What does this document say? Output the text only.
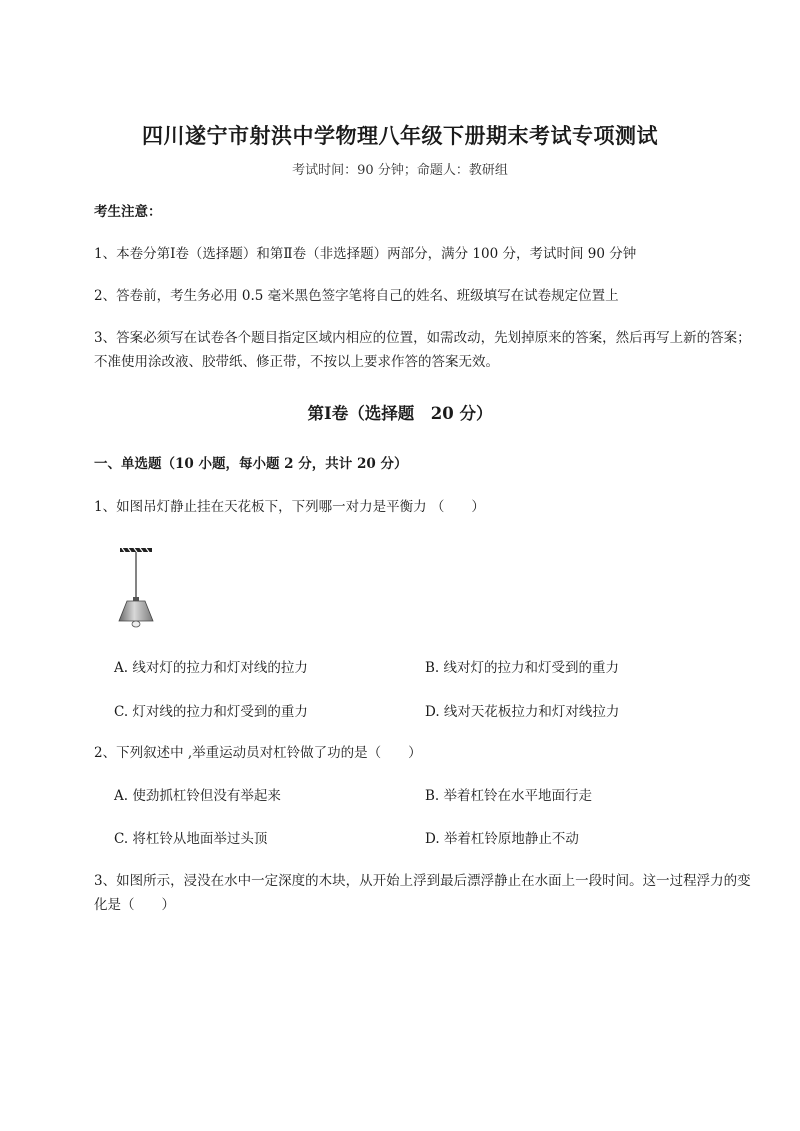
四川遂宁市射洪中学物理八年级下册期末考试专项测试
考试时间：90 分钟；命题人：教研组
考生注意：
1、本卷分第Ⅰ卷（选择题）和第Ⅱ卷（非选择题）两部分，满分 100 分，考试时间 90 分钟
2、答卷前，考生务必用 0.5 毫米黑色签字笔将自己的姓名、班级填写在试卷规定位置上
3、答案必须写在试卷各个题目指定区域内相应的位置，如需改动，先划掉原来的答案，然后再写上新的答案；不准使用涂改液、胶带纸、修正带，不按以上要求作答的答案无效。
第Ⅰ卷（选择题　20 分）
一、单选题（10 小题，每小题 2 分，共计 20 分）
1、如图吊灯静止挂在天花板下，下列哪一对力是平衡力 （　　）
A. 线对灯的拉力和灯对线的拉力	B. 线对灯的拉力和灯受到的重力
C. 灯对线的拉力和灯受到的重力	D. 线对天花板拉力和灯对线拉力
2、下列叙述中 ,举重运动员对杠铃做了功的是（　　）
A. 使劲抓杠铃但没有举起来	B. 举着杠铃在水平地面行走
C. 将杠铃从地面举过头顶	D. 举着杠铃原地静止不动
3、如图所示，浸没在水中一定深度的木块，从开始上浮到最后漂浮静止在水面上一段时间。这一过程浮力的变化是（　　）
